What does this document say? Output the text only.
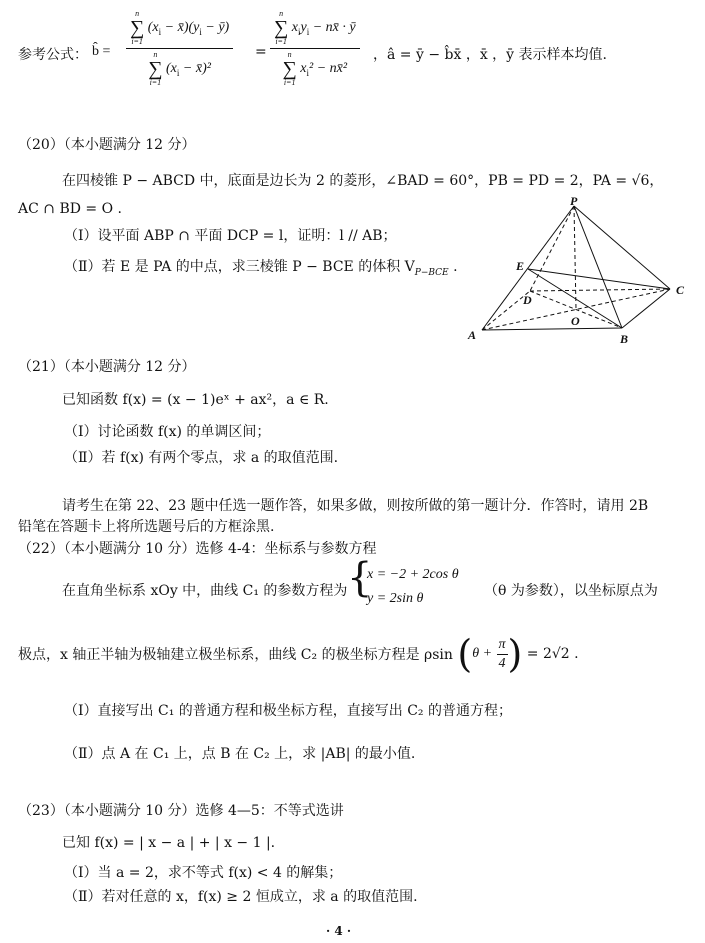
参考公式： b̂ = n
∑
i=1
($x_i$ − $x̄)(y_i$ − ȳ)
n
∑
i=1
($x_i$ − x̄)² = n
∑
i=1
$x_iy_i$ − nx̄ · ȳ
n
∑
i=1
$x_i^2$ − nx̄² ，â = ȳ − b̂x̄ ，x̄ ，ȳ 表示样本均值.
（20）（本小题满分 12 分）
在四棱锥 P − ABCD 中，底面是边长为 2 的菱形，∠BAD = 60°，PB = PD = 2，PA = √6，
AC ∩ BD = O .
（Ⅰ）设平面 ABP ∩ 平面 DCP = l，证明：l // AB；
（Ⅱ）若 E 是 PA 的中点，求三棱锥 P − BCE 的体积 $V_{P-BCE}$ .
P
E
D
C
O
A	B
（21）（本小题满分 12 分）
已知函数 f(x) = (x − 1)eˣ + ax²，a ∈ R.
（Ⅰ）讨论函数 f(x) 的单调区间；
（Ⅱ）若 f(x) 有两个零点，求 a 的取值范围.
请考生在第 22、23 题中任选一题作答，如果多做，则按所做的第一题计分．作答时，请用 2B
铅笔在答题卡上将所选题号后的方框涂黑.
（22）（本小题满分 10 分）选修 4-4：坐标系与参数方程
在直角坐标系 xOy 中，曲线 C₁ 的参数方程为 {
x = −2 + 2cos θ
y = 2sin θ	（θ 为参数），以坐标原点为
极点，x 轴正半轴为极轴建立极坐标系，曲线 C₂ 的极坐标方程是 ρsin ($\theta + \frac{\pi}{4}$ ) = 2√2 .
（Ⅰ）直接写出 C₁ 的普通方程和极坐标方程，直接写出 C₂ 的普通方程；
（Ⅱ）点 A 在 C₁ 上，点 B 在 C₂ 上，求 |AB| 的最小值.
（23）（本小题满分 10 分）选修 4—5：不等式选讲
已知 f(x) = | x − a | + | x − 1 |.
（Ⅰ）当 a = 2，求不等式 f(x) < 4 的解集；
（Ⅱ）若对任意的 x，f(x) ≥ 2 恒成立，求 a 的取值范围.
· 4 ·
